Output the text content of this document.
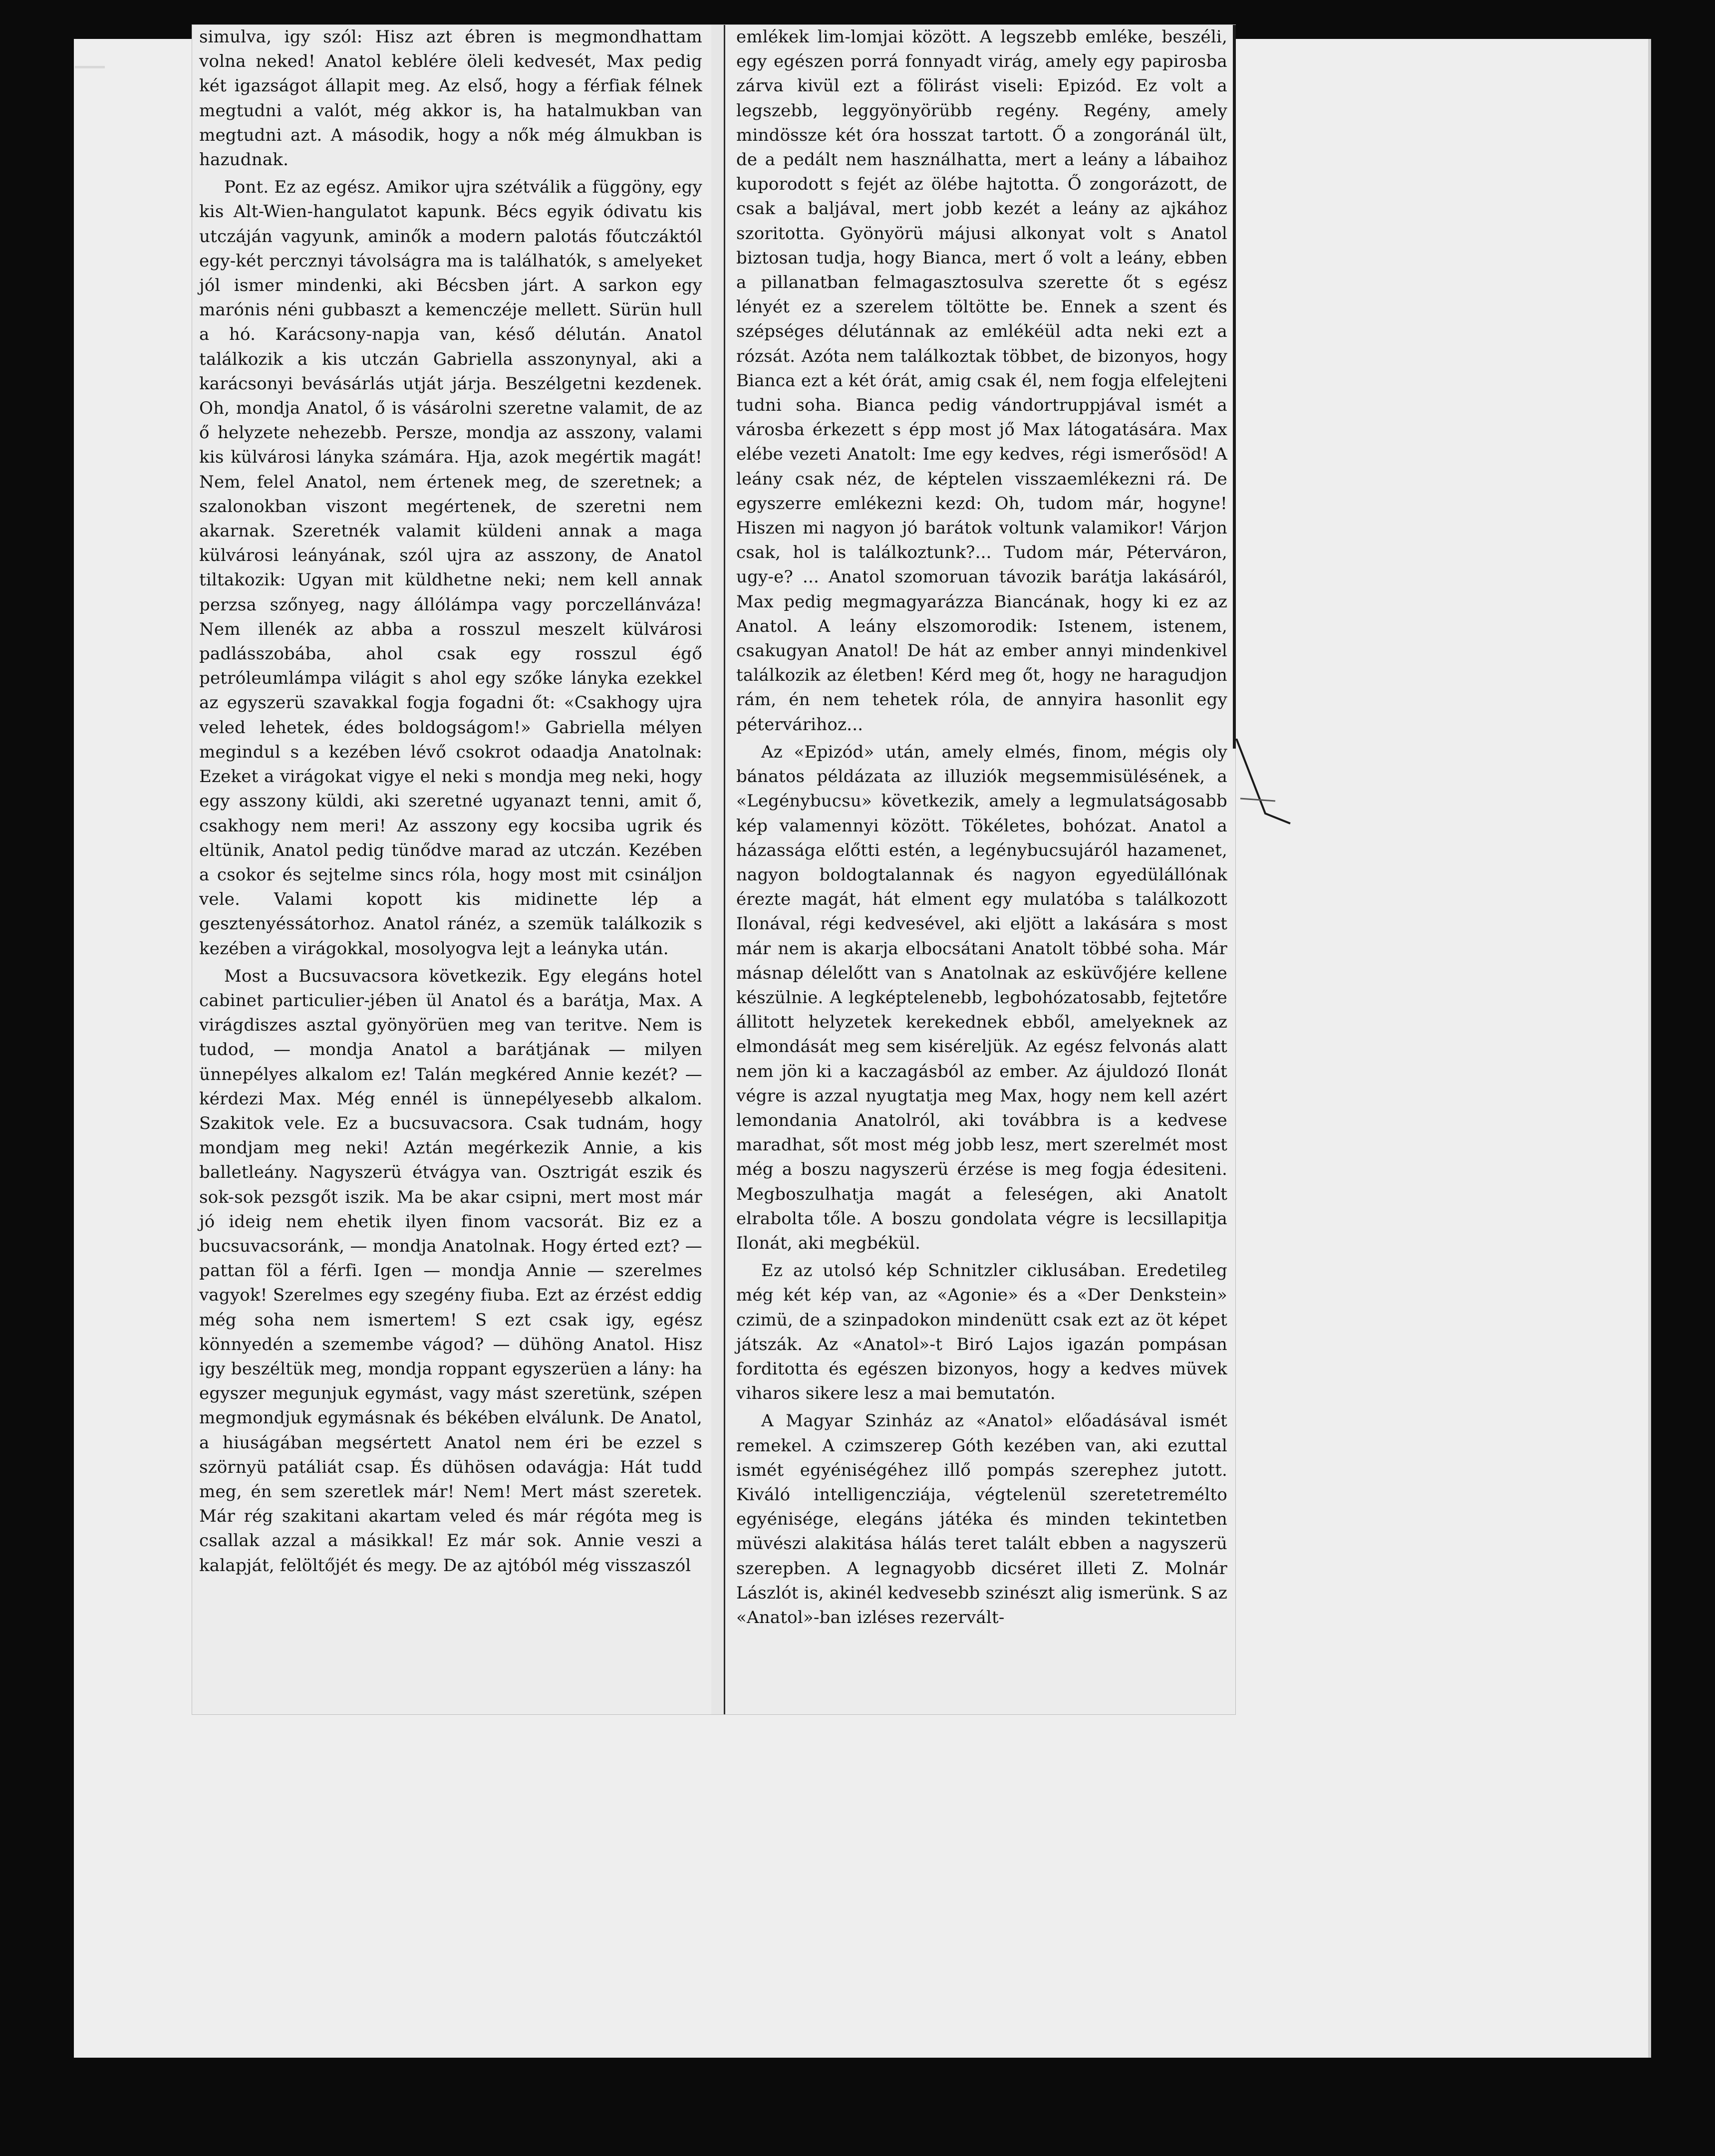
simulva, igy szól: Hisz azt ébren is megmondhattam volna neked! Anatol keblére öleli kedvesét, Max pedig két igazságot állapit meg. Az első, hogy a férfiak félnek megtudni a valót, még akkor is, ha hatalmukban van megtudni azt. A második, hogy a nők még álmukban is hazudnak.

Pont. Ez az egész. Amikor ujra szétválik a függöny, egy kis Alt-Wien-hangulatot kapunk. Bécs egyik ódivatu kis utczáján vagyunk, aminők a modern palotás főutczáktól egy-két percznyi távolságra ma is találhatók, s amelyeket jól ismer mindenki, aki Bécsben járt. A sarkon egy marónis néni gubbaszt a kemenczéje mellett. Sürün hull a hó. Karácsony-napja van, késő délután. Anatol találkozik a kis utczán Gabriella asszonynyal, aki a karácsonyi bevásárlás utját járja. Beszélgetni kezdenek. Oh, mondja Anatol, ő is vásárolni szeretne valamit, de az ő helyzete nehezebb. Persze, mondja az asszony, valami kis külvárosi lányka számára. Hja, azok megértik magát! Nem, felel Anatol, nem értenek meg, de szeretnek; a szalonokban viszont megértenek, de szeretni nem akarnak. Szeretnék valamit küldeni annak a maga külvárosi leányának, szól ujra az asszony, de Anatol tiltakozik: Ugyan mit küldhetne neki; nem kell annak perzsa szőnyeg, nagy állólámpa vagy porczellánváza! Nem illenék az abba a rosszul meszelt külvárosi padlásszobába, ahol csak egy rosszul égő petróleumlámpa világit s ahol egy szőke lányka ezekkel az egyszerü szavakkal fogja fogadni őt: «Csakhogy ujra veled lehetek, édes boldogságom!» Gabriella mélyen megindul s a kezében lévő csokrot odaadja Anatolnak: Ezeket a virágokat vigye el neki s mondja meg neki, hogy egy asszony küldi, aki szeretné ugyanazt tenni, amit ő, csakhogy nem meri! Az asszony egy kocsiba ugrik és eltünik, Anatol pedig tünődve marad az utczán. Kezében a csokor és sejtelme sincs róla, hogy most mit csináljon vele. Valami kopott kis midinette lép a gesztenyéssátorhoz. Anatol ránéz, a szemük találkozik s kezében a virágokkal, mosolyogva lejt a leányka után.

Most a Bucsuvacsora következik. Egy elegáns hotel cabinet particulier-jében ül Anatol és a barátja, Max. A virágdiszes asztal gyönyörüen meg van teritve. Nem is tudod, — mondja Anatol a barátjának — milyen ünnepélyes alkalom ez! Talán megkéred Annie kezét? — kérdezi Max. Még ennél is ünnepélyesebb alkalom. Szakitok vele. Ez a bucsuvacsora. Csak tudnám, hogy mondjam meg neki! Aztán megérkezik Annie, a kis balletleány. Nagyszerü étvágya van. Osztrigát eszik és sok-sok pezsgőt iszik. Ma be akar csipni, mert most már jó ideig nem ehetik ilyen finom vacsorát. Biz ez a bucsuvacsoránk, — mondja Anatolnak. Hogy érted ezt? — pattan föl a férfi. Igen — mondja Annie — szerelmes vagyok! Szerelmes egy szegény fiuba. Ezt az érzést eddig még soha nem ismertem! S ezt csak igy, egész könnyedén a szemembe vágod? — dühöng Anatol. Hisz igy beszéltük meg, mondja roppant egyszerüen a lány: ha egyszer megunjuk egymást, vagy mást szeretünk, szépen megmondjuk egymásnak és békében elválunk. De Anatol, a hiuságában megsértett Anatol nem éri be ezzel s szörnyü patáliát csap. És dühösen odavágja: Hát tudd meg, én sem szeretlek már! Nem! Mert mást szeretek. Már rég szakitani akartam veled és már régóta meg is csallak azzal a másikkal! Ez már sok. Annie veszi a kalapját, felöltőjét és megy. De az ajtóból még visszaszól

emlékek lim-lomjai között. A legszebb emléke, beszéli, egy egészen porrá fonnyadt virág, amely egy papirosba zárva kivül ezt a fölirást viseli: Epizód. Ez volt a legszebb, leggyönyörübb regény. Regény, amely mindössze két óra hosszat tartott. Ő a zongoránál ült, de a pedált nem használhatta, mert a leány a lábaihoz kuporodott s fejét az ölébe hajtotta. Ő zongorázott, de csak a baljával, mert jobb kezét a leány az ajkához szoritotta. Gyönyörü májusi alkonyat volt s Anatol biztosan tudja, hogy Bianca, mert ő volt a leány, ebben a pillanatban felmagasztosulva szerette őt s egész lényét ez a szerelem töltötte be. Ennek a szent és szépséges délutánnak az emlékéül adta neki ezt a rózsát. Azóta nem találkoztak többet, de bizonyos, hogy Bianca ezt a két órát, amig csak él, nem fogja elfelejteni tudni soha. Bianca pedig vándortruppjával ismét a városba érkezett s épp most jő Max látogatására. Max elébe vezeti Anatolt: Ime egy kedves, régi ismerősöd! A leány csak néz, de képtelen visszaemlékezni rá. De egyszerre emlékezni kezd: Oh, tudom már, hogyne! Hiszen mi nagyon jó barátok voltunk valamikor! Várjon csak, hol is találkoztunk?... Tudom már, Péterváron, ugy-e? ... Anatol szomoruan távozik barátja lakásáról, Max pedig megmagyarázza Biancának, hogy ki ez az Anatol. A leány elszomorodik: Istenem, istenem, csakugyan Anatol! De hát az ember annyi mindenkivel találkozik az életben! Kérd meg őt, hogy ne haragudjon rám, én nem tehetek róla, de annyira hasonlit egy pétervárihoz...

Az «Epizód» után, amely elmés, finom, mégis oly bánatos példázata az illuziók megsemmisülésének, a «Legénybucsu» következik, amely a legmulatságosabb kép valamennyi között. Tökéletes, bohózat. Anatol a házassága előtti estén, a legénybucsujáról hazamenet, nagyon boldogtalannak és nagyon egyedülállónak érezte magát, hát elment egy mulatóba s találkozott Ilonával, régi kedvesével, aki eljött a lakására s most már nem is akarja elbocsátani Anatolt többé soha. Már másnap délelőtt van s Anatolnak az esküvőjére kellene készülnie. A legképtelenebb, legbohózatosabb, fejtetőre állitott helyzetek kerekednek ebből, amelyeknek az elmondását meg sem kiséreljük. Az egész felvonás alatt nem jön ki a kaczagásból az ember. Az ájuldozó Ilonát végre is azzal nyugtatja meg Max, hogy nem kell azért lemondania Anatolról, aki továbbra is a kedvese maradhat, sőt most még jobb lesz, mert szerelmét most még a boszu nagyszerü érzése is meg fogja édesiteni. Megboszulhatja magát a feleségen, aki Anatolt elrabolta tőle. A boszu gondolata végre is lecsillapitja Ilonát, aki megbékül.

Ez az utolsó kép Schnitzler ciklusában. Eredetileg még két kép van, az «Agonie» és a «Der Denkstein» czimü, de a szinpadokon mindenütt csak ezt az öt képet játszák. Az «Anatol»-t Biró Lajos igazán pompásan forditotta és egészen bizonyos, hogy a kedves müvek viharos sikere lesz a mai bemutatón.

A Magyar Szinház az «Anatol» előadásával ismét remekel. A czimszerep Góth kezében van, aki ezuttal ismét egyéniségéhez illő pompás szerephez jutott. Kiváló intelligencziája, végtelenül szeretetremélto egyénisége, elegáns játéka és minden tekintetben müvészi alakitása hálás teret talált ebben a nagyszerü szerepben. A legnagyobb dicséret illeti Z. Molnár Lászlót is, akinél kedvesebb szinészt alig ismerünk. S az «Anatol»-ban izléses rezervált-
